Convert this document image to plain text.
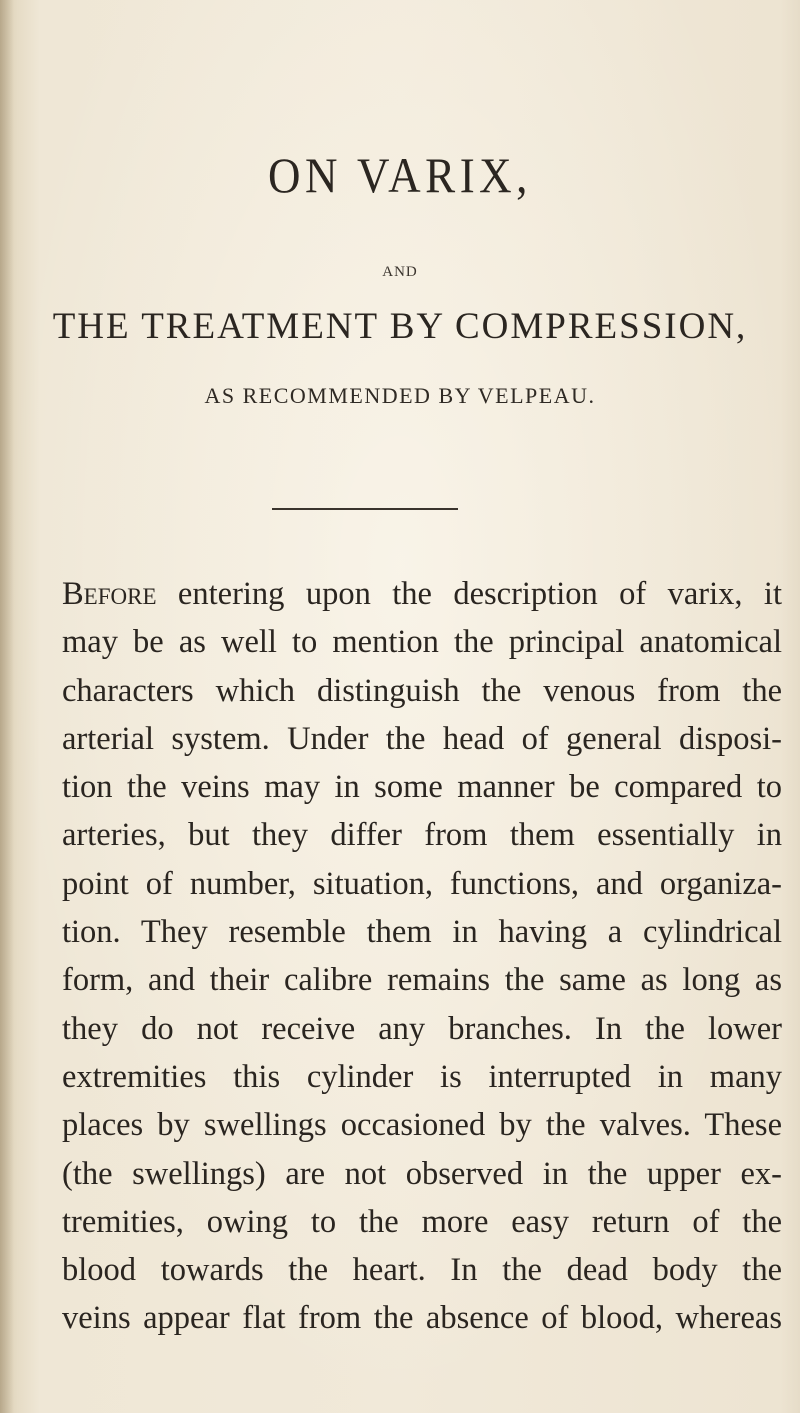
ON VARIX,
AND
THE TREATMENT BY COMPRESSION,
AS RECOMMENDED BY VELPEAU.
Before entering upon the description of varix, it
may be as well to mention the principal anatomical
characters which distinguish the venous from the
arterial system. Under the head of general disposi-
tion the veins may in some manner be compared to
arteries, but they differ from them essentially in
point of number, situation, functions, and organiza-
tion. They resemble them in having a cylindrical
form, and their calibre remains the same as long as
they do not receive any branches. In the lower
extremities this cylinder is interrupted in many
places by swellings occasioned by the valves. These
(the swellings) are not observed in the upper ex-
tremities, owing to the more easy return of the
blood towards the heart. In the dead body the
veins appear flat from the absence of blood, whereas
